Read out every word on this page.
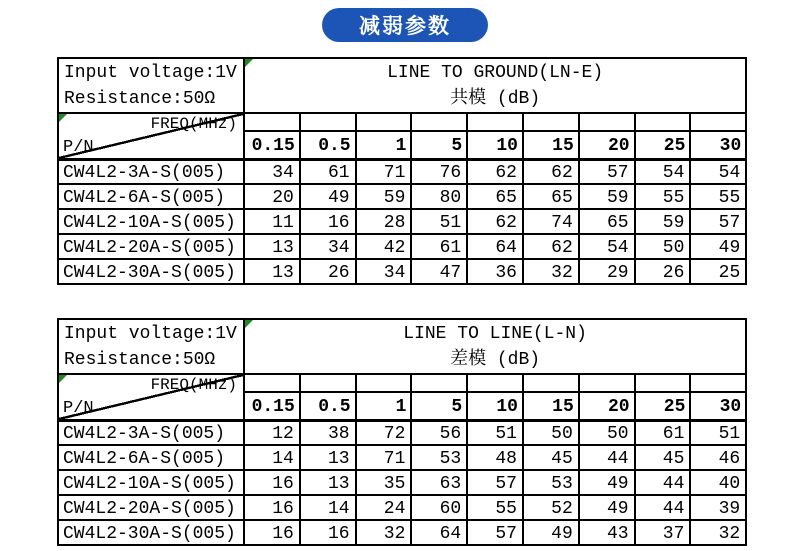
减弱参数
Input voltage:1V
Resistance:50Ω

LINE TO GROUND(LN-E)
共模 (dB)

FREQ(MHz)
P/N									

	0.15	0.5	1	5	10	15	20	25	30
CW4L2-3A-S(005)	34	61	71	76	62	62	57	54	54
CW4L2-6A-S(005)	20	49	59	80	65	65	59	55	55
CW4L2-10A-S(005)	11	16	28	51	62	74	65	59	57
CW4L2-20A-S(005)	13	34	42	61	64	62	54	50	49
CW4L2-30A-S(005)	13	26	34	47	36	32	29	26	25
Input voltage:1V
Resistance:50Ω

LINE TO LINE(L-N)
差模 (dB)

FREQ(MHz)
P/N									

	0.15	0.5	1	5	10	15	20	25	30
CW4L2-3A-S(005)	12	38	72	56	51	50	50	61	51
CW4L2-6A-S(005)	14	13	71	53	48	45	44	45	46
CW4L2-10A-S(005)	16	13	35	63	57	53	49	44	40
CW4L2-20A-S(005)	16	14	24	60	55	52	49	44	39
CW4L2-30A-S(005)	16	16	32	64	57	49	43	37	32
